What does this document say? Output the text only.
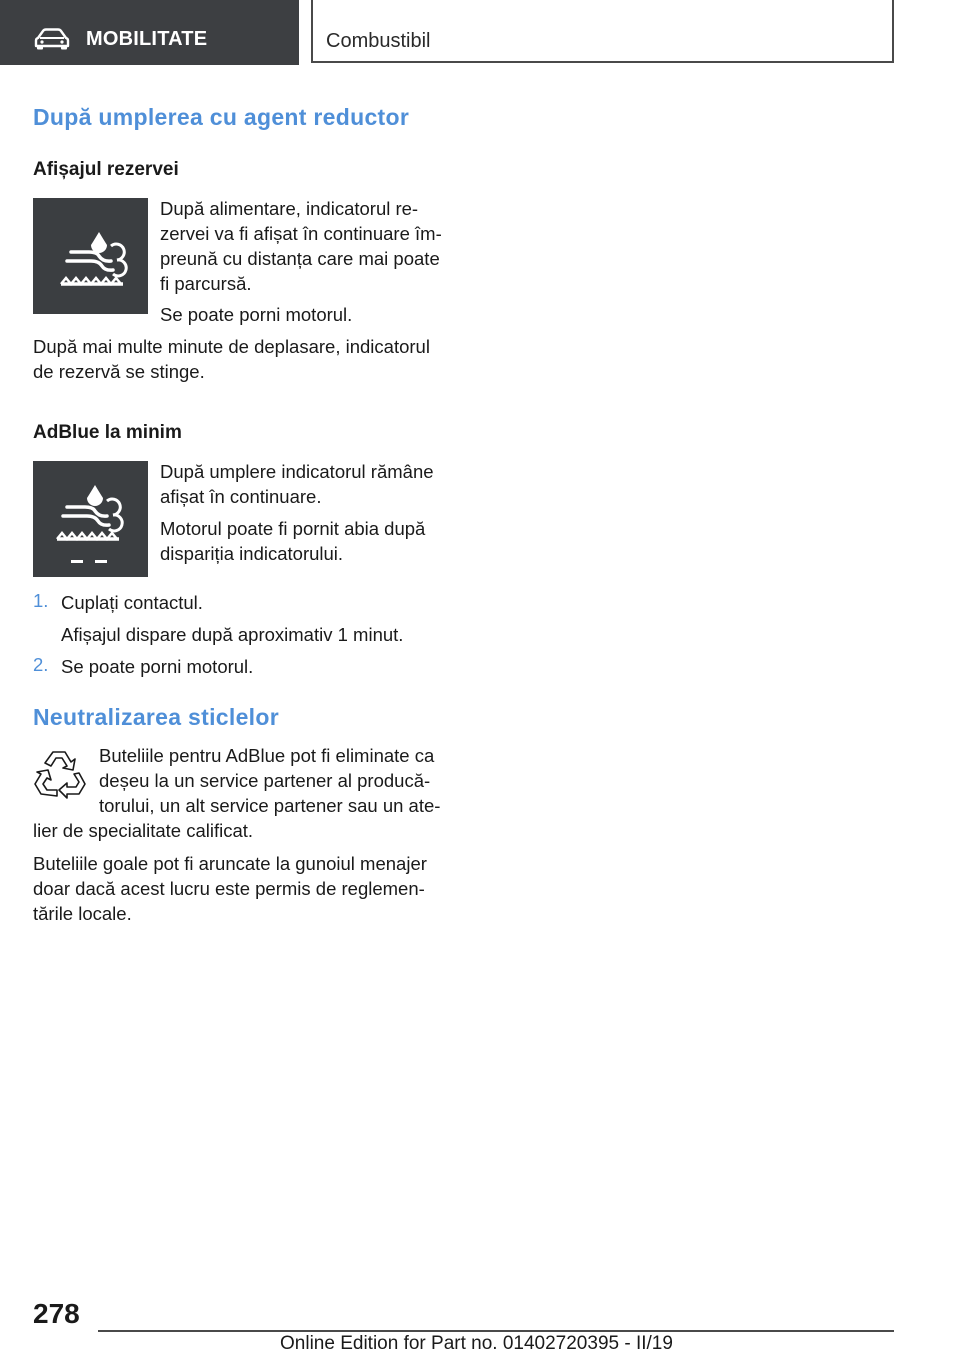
MOBILITATE	Combustibil
După umplerea cu agent reductor
Afișajul rezervei

După alimentare, indicatorul re-
zervei va fi afișat în continuare îm-
preună cu distanța care mai poate
fi parcursă.

Se poate porni motorul.

După mai multe minute de deplasare, indicatorul
de rezervă se stinge.

AdBlue la minim

După umplere indicatorul rămâne
afișat în continuare.

Motorul poate fi pornit abia după
dispariția indicatorului.

1. Cuplați contactul.

Afișajul dispare după aproximativ 1 minut.

2. Se poate porni motorul.

Neutralizarea sticlelor

Buteliile pentru AdBlue pot fi eliminate ca
deșeu la un service partener al producă-
torului, un alt service partener sau un ate-

lier de specialitate calificat.

Buteliile goale pot fi aruncate la gunoiul menajer
doar dacă acest lucru este permis de reglemen-
tările locale.

278
Online Edition for Part no. 01402720395 - II/19
